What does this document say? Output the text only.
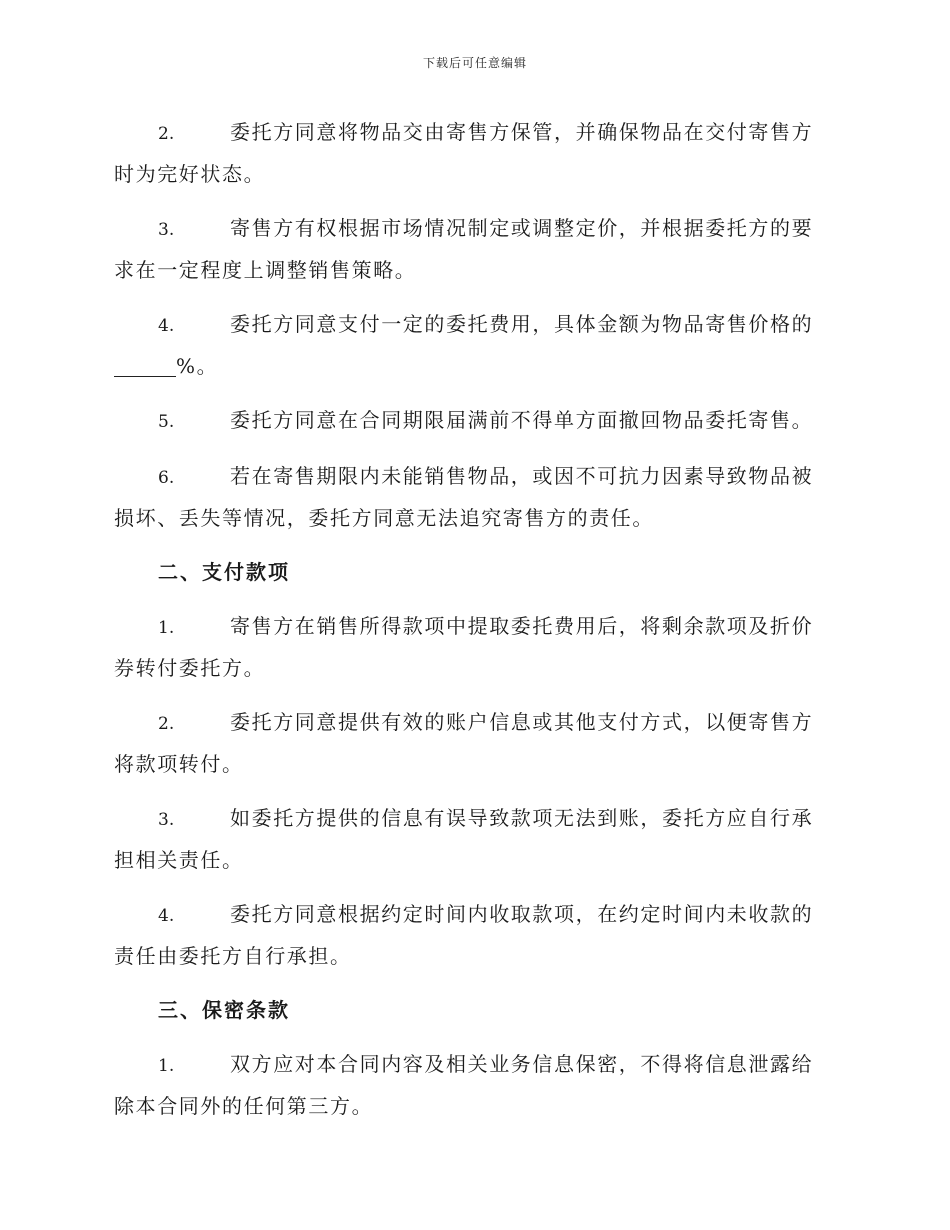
下载后可任意编辑
2.	委托方同意将物品交由寄售方保管，并确保物品在交付寄售方时为完好状态。
3.	寄售方有权根据市场情况制定或调整定价，并根据委托方的要求在一定程度上调整销售策略。
4.	委托方同意支付一定的委托费用，具体金额为物品寄售价格的
%。
5.	委托方同意在合同期限届满前不得单方面撤回物品委托寄售。
6.	若在寄售期限内未能销售物品，或因不可抗力因素导致物品被损坏、丢失等情况，委托方同意无法追究寄售方的责任。
二、支付款项
1.	寄售方在销售所得款项中提取委托费用后，将剩余款项及折价券转付委托方。
2.	委托方同意提供有效的账户信息或其他支付方式，以便寄售方将款项转付。
3.	如委托方提供的信息有误导致款项无法到账，委托方应自行承担相关责任。
4.	委托方同意根据约定时间内收取款项，在约定时间内未收款的责任由委托方自行承担。
三、保密条款
1.	双方应对本合同内容及相关业务信息保密，不得将信息泄露给除本合同外的任何第三方。
